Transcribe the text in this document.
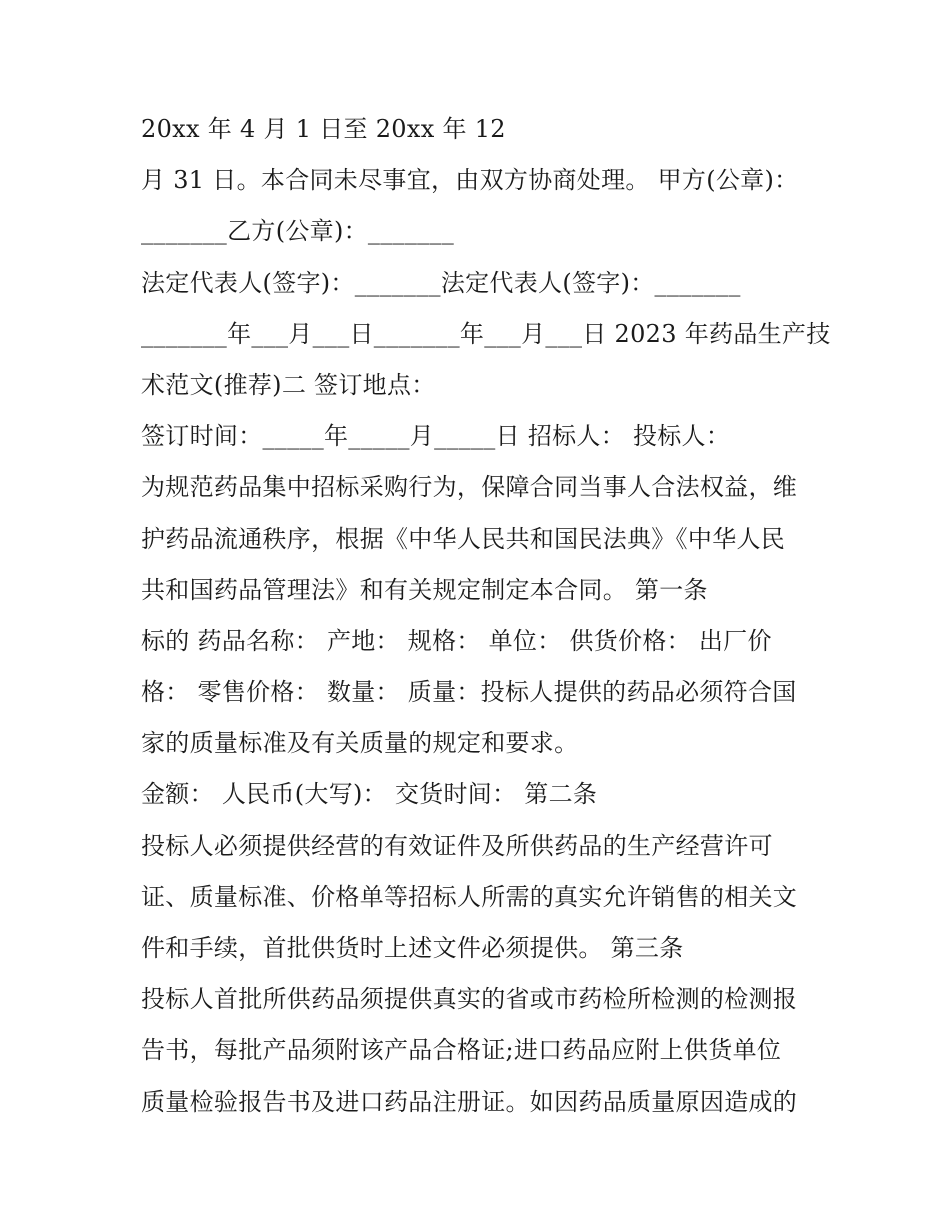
20xx 年 4 月 1 日至 20xx 年 12
月 31 日。本合同未尽事宜，由双方协商处理。 甲方(公章)：
_______乙方(公章)：_______
法定代表人(签字)：_______法定代表人(签字)：_______
_______年___月___日_______年___月___日 2023 年药品生产技
术范文(推荐)二 签订地点：
签订时间：_____年_____月_____日 招标人： 投标人：
为规范药品集中招标采购行为，保障合同当事人合法权益，维
护药品流通秩序，根据《中华人民共和国民法典》《中华人民
共和国药品管理法》和有关规定制定本合同。 第一条
标的 药品名称： 产地： 规格： 单位： 供货价格： 出厂价
格： 零售价格： 数量： 质量：投标人提供的药品必须符合国
家的质量标准及有关质量的规定和要求。
金额： 人民币(大写)： 交货时间： 第二条
投标人必须提供经营的有效证件及所供药品的生产经营许可
证、质量标准、价格单等招标人所需的真实允许销售的相关文
件和手续，首批供货时上述文件必须提供。 第三条
投标人首批所供药品须提供真实的省或市药检所检测的检测报
告书，每批产品须附该产品合格证;进口药品应附上供货单位
质量检验报告书及进口药品注册证。如因药品质量原因造成的
